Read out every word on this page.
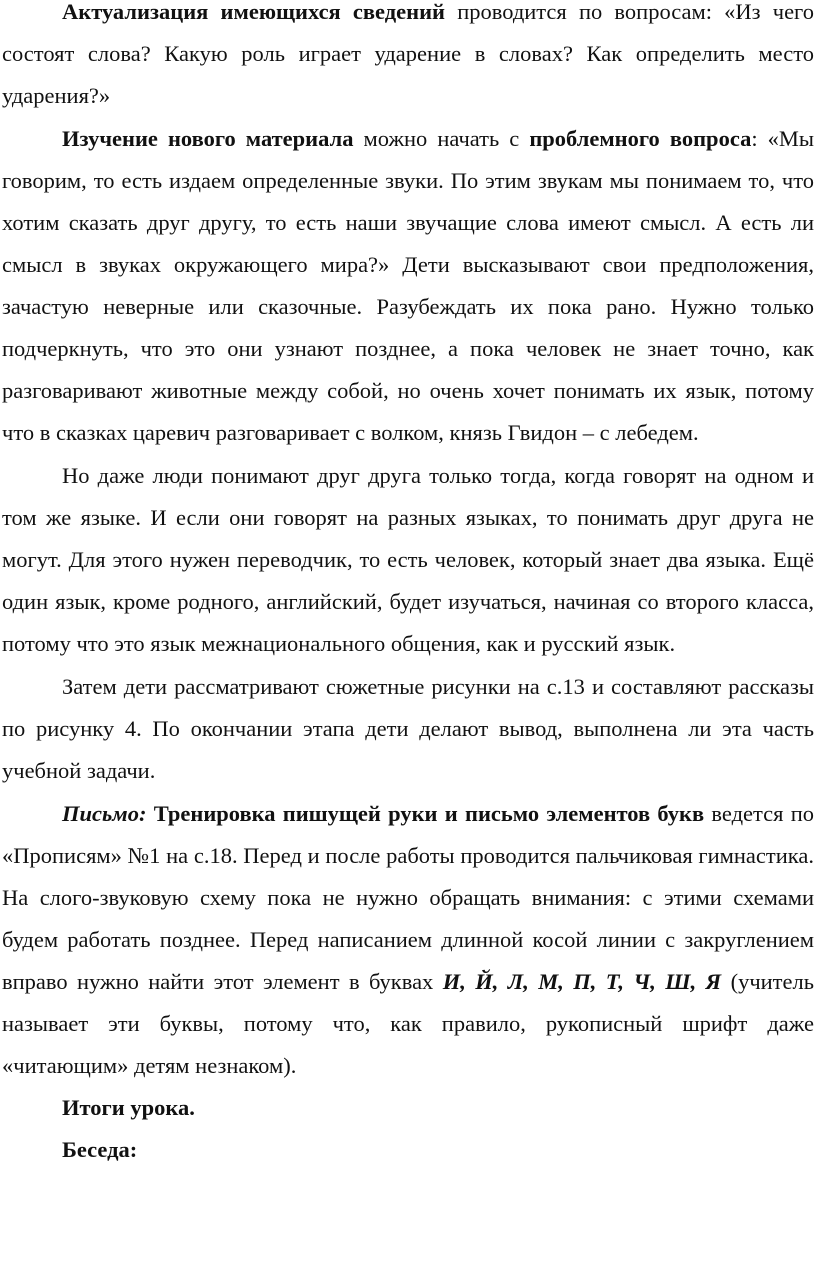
Актуализация имеющихся сведений проводится по вопросам: «Из чего состоят слова? Какую роль играет ударение в словах? Как определить место ударения?»

Изучение нового материала можно начать с проблемного вопроса: «Мы говорим, то есть издаем определенные звуки. По этим звукам мы понимаем то, что хотим сказать друг другу, то есть наши звучащие слова имеют смысл. А есть ли смысл в звуках окружающего мира?» Дети высказывают свои предположения, зачастую неверные или сказочные. Разубеждать их пока рано. Нужно только подчеркнуть, что это они узнают позднее, а пока человек не знает точно, как разговаривают животные между собой, но очень хочет понимать их язык, потому что в сказках царевич разговаривает с волком, князь Гвидон – с лебедем.

Но даже люди понимают друг друга только тогда, когда говорят на одном и том же языке. И если они говорят на разных языках, то понимать друг друга не могут. Для этого нужен переводчик, то есть человек, который знает два языка. Ещё один язык, кроме родного, английский, будет изучаться, начиная со второго класса, потому что это язык межнационального общения, как и русский язык.

Затем дети рассматривают сюжетные рисунки на с.13 и составляют рассказы по рисунку 4. По окончании этапа дети делают вывод, выполнена ли эта часть учебной задачи.

Письмо: Тренировка пишущей руки и письмо элементов букв ведется по «Прописям» №1 на с.18. Перед и после работы проводится пальчиковая гимнастика. На слого-звуковую схему пока не нужно обращать внимания: с этими схемами будем работать позднее. Перед написанием длинной косой линии с закруглением вправо нужно найти этот элемент в буквах И, Й, Л, М, П, Т, Ч, Ш, Я (учитель называет эти буквы, потому что, как правило, рукописный шрифт даже «читающим» детям незнаком).

Итоги урока.

Беседа:
